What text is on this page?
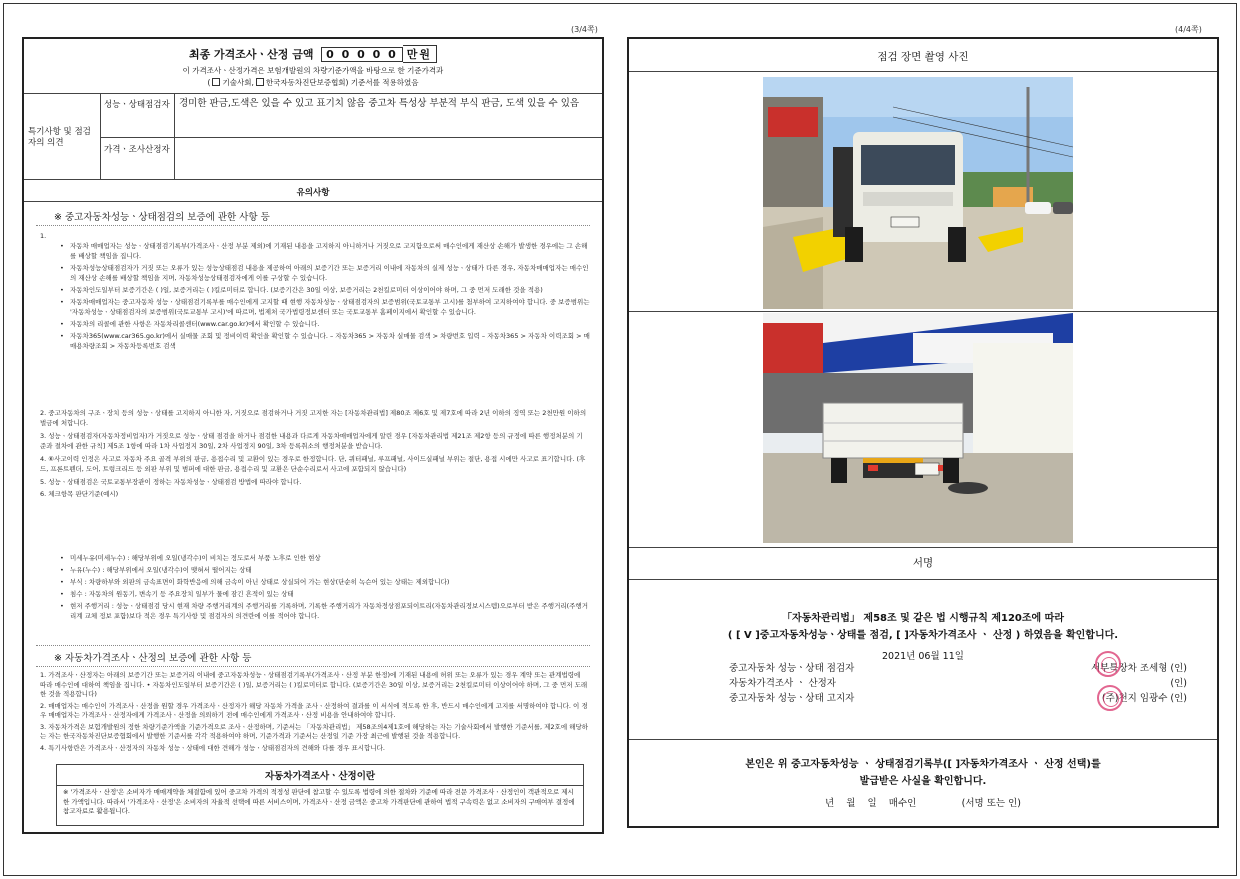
(3/4쪽)	(4/4쪽)
최종 가격조사ㆍ산정 금액 0 0 0 0 0 만원
이 가격조사ㆍ산정가격은 보험개발원의 차량기준가액을 바탕으로 한 기준가격과
( 기술사회, 한국자동차진단보증협회) 기준서를 적용하였음
특기사항 및 점검자의 의견
성능ㆍ상태점검자 경미한 판금,도색은 있을 수 있고 표기치 않음 중고차 특성상 부분적 부식 판금, 도색 있을 수 있음
가격ㆍ조사산정자
유의사항
※ 중고자동차성능ㆍ상태점검의 보증에 관한 사항 등
1.
• 자동차 매매업자는 성능ㆍ상태점검기록부(가격조사ㆍ산정 부분 제외)에 기재된 내용을 고지하지 아니하거나 거짓으로 고지함으로써 매수인에게 재산상 손해가 발생한 경우에는 그 손해를 배상할 책임을 집니다.
• 자동차성능상태점검자가 거짓 또는 오류가 있는 성능상태점검 내용을 제공하여 아래의 보증기간 또는 보증거리 이내에 자동차의 실제 성능ㆍ상태가 다른 경우, 자동차매매업자는 매수인의 재산상 손해를 배상할 책임을 지며, 자동차성능상태점검자에게 이를 구상할 수 있습니다.
• 자동차인도일부터 보증기간은 ( )일, 보증거리는 ( )킬로미터로 합니다. (보증기간은 30일 이상, 보증거리는 2천킬로미터 이상이어야 하며, 그 중 먼저 도래한 것을 적용)
• 자동차매매업자는 중고자동차 성능ㆍ상태점검기록부를 매수인에게 고지할 때 현행 자동차성능ㆍ상태점검자의 보증범위(국토교통부 고시)를 첨부하여 고지하여야 합니다. 중 보증범위는 '자동차성능ㆍ상태점검자의 보증범위(국토교통부 고시)'에 따르며, 법제처 국가법령정보센터 또는 국토교통부 홈페이지에서 확인할 수 있습니다.
• 자동차의 리콜에 관한 사항은 자동차리콜센터(www.car.go.kr)에서 확인할 수 있습니다.
• 자동차365(www.car365.go.kr)에서 실매물 조회 및 정비이력 확인을 확인할 수 있습니다. – 자동차365 > 자동차 실매물 검색 > 차량번호 입력 – 자동차365 > 자동차 이력조회 > 매매용차량조회 > 자동차등록번호 검색
2. 중고자동차의 구조ㆍ장치 등의 성능ㆍ상태를 고지하지 아니한 자, 거짓으로 점검하거나 거짓 고지한 자는 [자동차관리법] 제80조 제6호 및 제7호에 따라 2년 이하의 징역 또는 2천만원 이하의 벌금에 처합니다.
3. 성능ㆍ상태점검자(자동차정비업자)가 거짓으로 성능ㆍ상태 점검을 하거나 점검한 내용과 다르게 자동차매매업자에게 알린 경우 [자동차관리법 제21조 제2항 등의 규정에 따른 행정처분의 기준과 절차에 관한 규칙] 제5조 1항에 따라 1차 사업정지 30일, 2차 사업정지 90일, 3차 등록취소의 행정처분을 받습니다.
4. ⑥사고이력 인정은 사고로 자동차 주요 골격 부위의 판금, 용접수리 및 교환이 있는 경우로 한정합니다. 단, 쿼터패널, 루프패널, 사이드실패널 부위는 절단, 용접 시에만 사고로 표기합니다. (후드, 프론트펜더, 도어, 트렁크리드 등 외판 부위 및 범퍼에 대한 판금, 용접수리 및 교환은 단순수리로서 사고에 포함되지 않습니다)
5. 성능ㆍ상태점검은 국토교통부장관이 정하는 자동차성능ㆍ상태점검 방법에 따라야 합니다.
6. 체크항목 판단기준(예시)
• 미세누유(미세누수) : 해당부위에 오일(냉각수)이 비치는 정도로서 부품 노후로 인한 현상
• 누유(누수) : 해당부위에서 오일(냉각수)이 맺혀서 떨어지는 상태
• 부식 : 차량하부와 외판의 금속표면이 화학반응에 의해 금속이 아닌 상태로 상실되어 가는 현상(단순히 녹슨어 있는 상태는 제외합니다)
• 침수 : 자동차의 원동기, 변속기 등 주요장치 일부가 물에 잠긴 흔적이 있는 상태
• 현저 주행거리 : 성능ㆍ상태점검 당시 현재 차량 주행거리계의 주행거리를 기록하며, 기록한 주행거리가 자동차정상점포되이트리(자동차관리정보시스템)으로부터 받은 주행거리(주행거리계 교체 정보 포함)보다 적은 경우 특기사항 및 점검자의 의견란에 이를 적어야 합니다.
※ 자동차가격조사ㆍ산정의 보증에 관한 사항 등
1. 가격조사ㆍ산정자는 아래의 보증기간 또는 보증거리 이내에 중고자동차성능ㆍ상태점검기록부(가격조사ㆍ산정 부분 한정)에 기재된 내용에 허위 또는 오류가 있는 경우 계약 또는 관계법령에 따라 매수인에 대하여 책임을 집니다. • 자동차인도일부터 보증기간은 ( )일, 보증거리는 ( )킬로미터로 합니다. (보증기간은 30일 이상, 보증거리는 2천킬로미터 이상이어야 하며, 그 중 먼저 도래한 것을 적용합니다)
2. 매매업자는 매수인이 가격조사ㆍ산정을 원할 경우 가격조사ㆍ산정자가 해당 자동차 가격을 조사ㆍ산정하여 결과를 이 서식에 적도록 한 후, 반드시 매수인에게 고지를 서명하여야 합니다. 이 경우 매매업자는 가격조사ㆍ산정자에게 가격조사ㆍ산정을 의뢰하기 전에 매수인에게 가격조사ㆍ산정 비용을 안내하여야 합니다.
3. 자동차가격은 보험개발원의 정한 차량기준가액을 기준가격으로 조사ㆍ산정하며, 기준서는 「자동차관리법」 제58조의4제1호에 해당하는 자는 기술사회에서 발행한 기준서를, 제2호에 해당하는 자는 한국자동차진단보증협회에서 발행한 기준서를 각각 적용하여야 하며, 기준가격과 기준서는 산정일 기준 가장 최근에 발행된 것을 적용합니다.
4. 특기사항란은 가격조사ㆍ산정자의 자동차 성능ㆍ상태에 대한 견해가 성능ㆍ상태점검자의 견해와 다를 경우 표시합니다.
자동차가격조사ㆍ산정이란
※ '가격조사ㆍ산정'은 소비자가 매매계약을 체결함에 있어 중고차 가격의 적정성 판단에 참고할 수 있도록 법령에 의한 절차와 기준에 따라 전문 가격조사ㆍ산정인이 객관적으로 제시한 가액입니다. 따라서 '가격조사ㆍ산정'은 소비자의 자율적 선택에 따른 서비스이며, 가격조사ㆍ산정 금액은 중고차 가격판단에 관하여 법적 구속력은 없고 소비자의 구매여부 결정에 참고자료로 활용됩니다.
점검 장면 촬영 사진
서명
「자동차관리법」 제58조 및 같은 법 시행규칙 제120조에 따라
( [ V ]중고자동차성능ㆍ상태를 점검, [ ]자동차가격조사 ㆍ 산정 ) 하였음을 확인합니다.
2021년 06월 11일
중고자동차 성능ㆍ상태 점검자
자동차가격조사 ㆍ 산정자
중고자동차 성능ㆍ상태 고지자
서부특장차 조세형 (인)
(인)
(주)천지 임광수 (인)
본인은 위 중고자동차성능 ㆍ 상태점검기록부([ ]자동차가격조사 ㆍ 산정 선택)를
발급받은 사실을 확인합니다.
년    월    일    매수인               (서명 또는 인)
